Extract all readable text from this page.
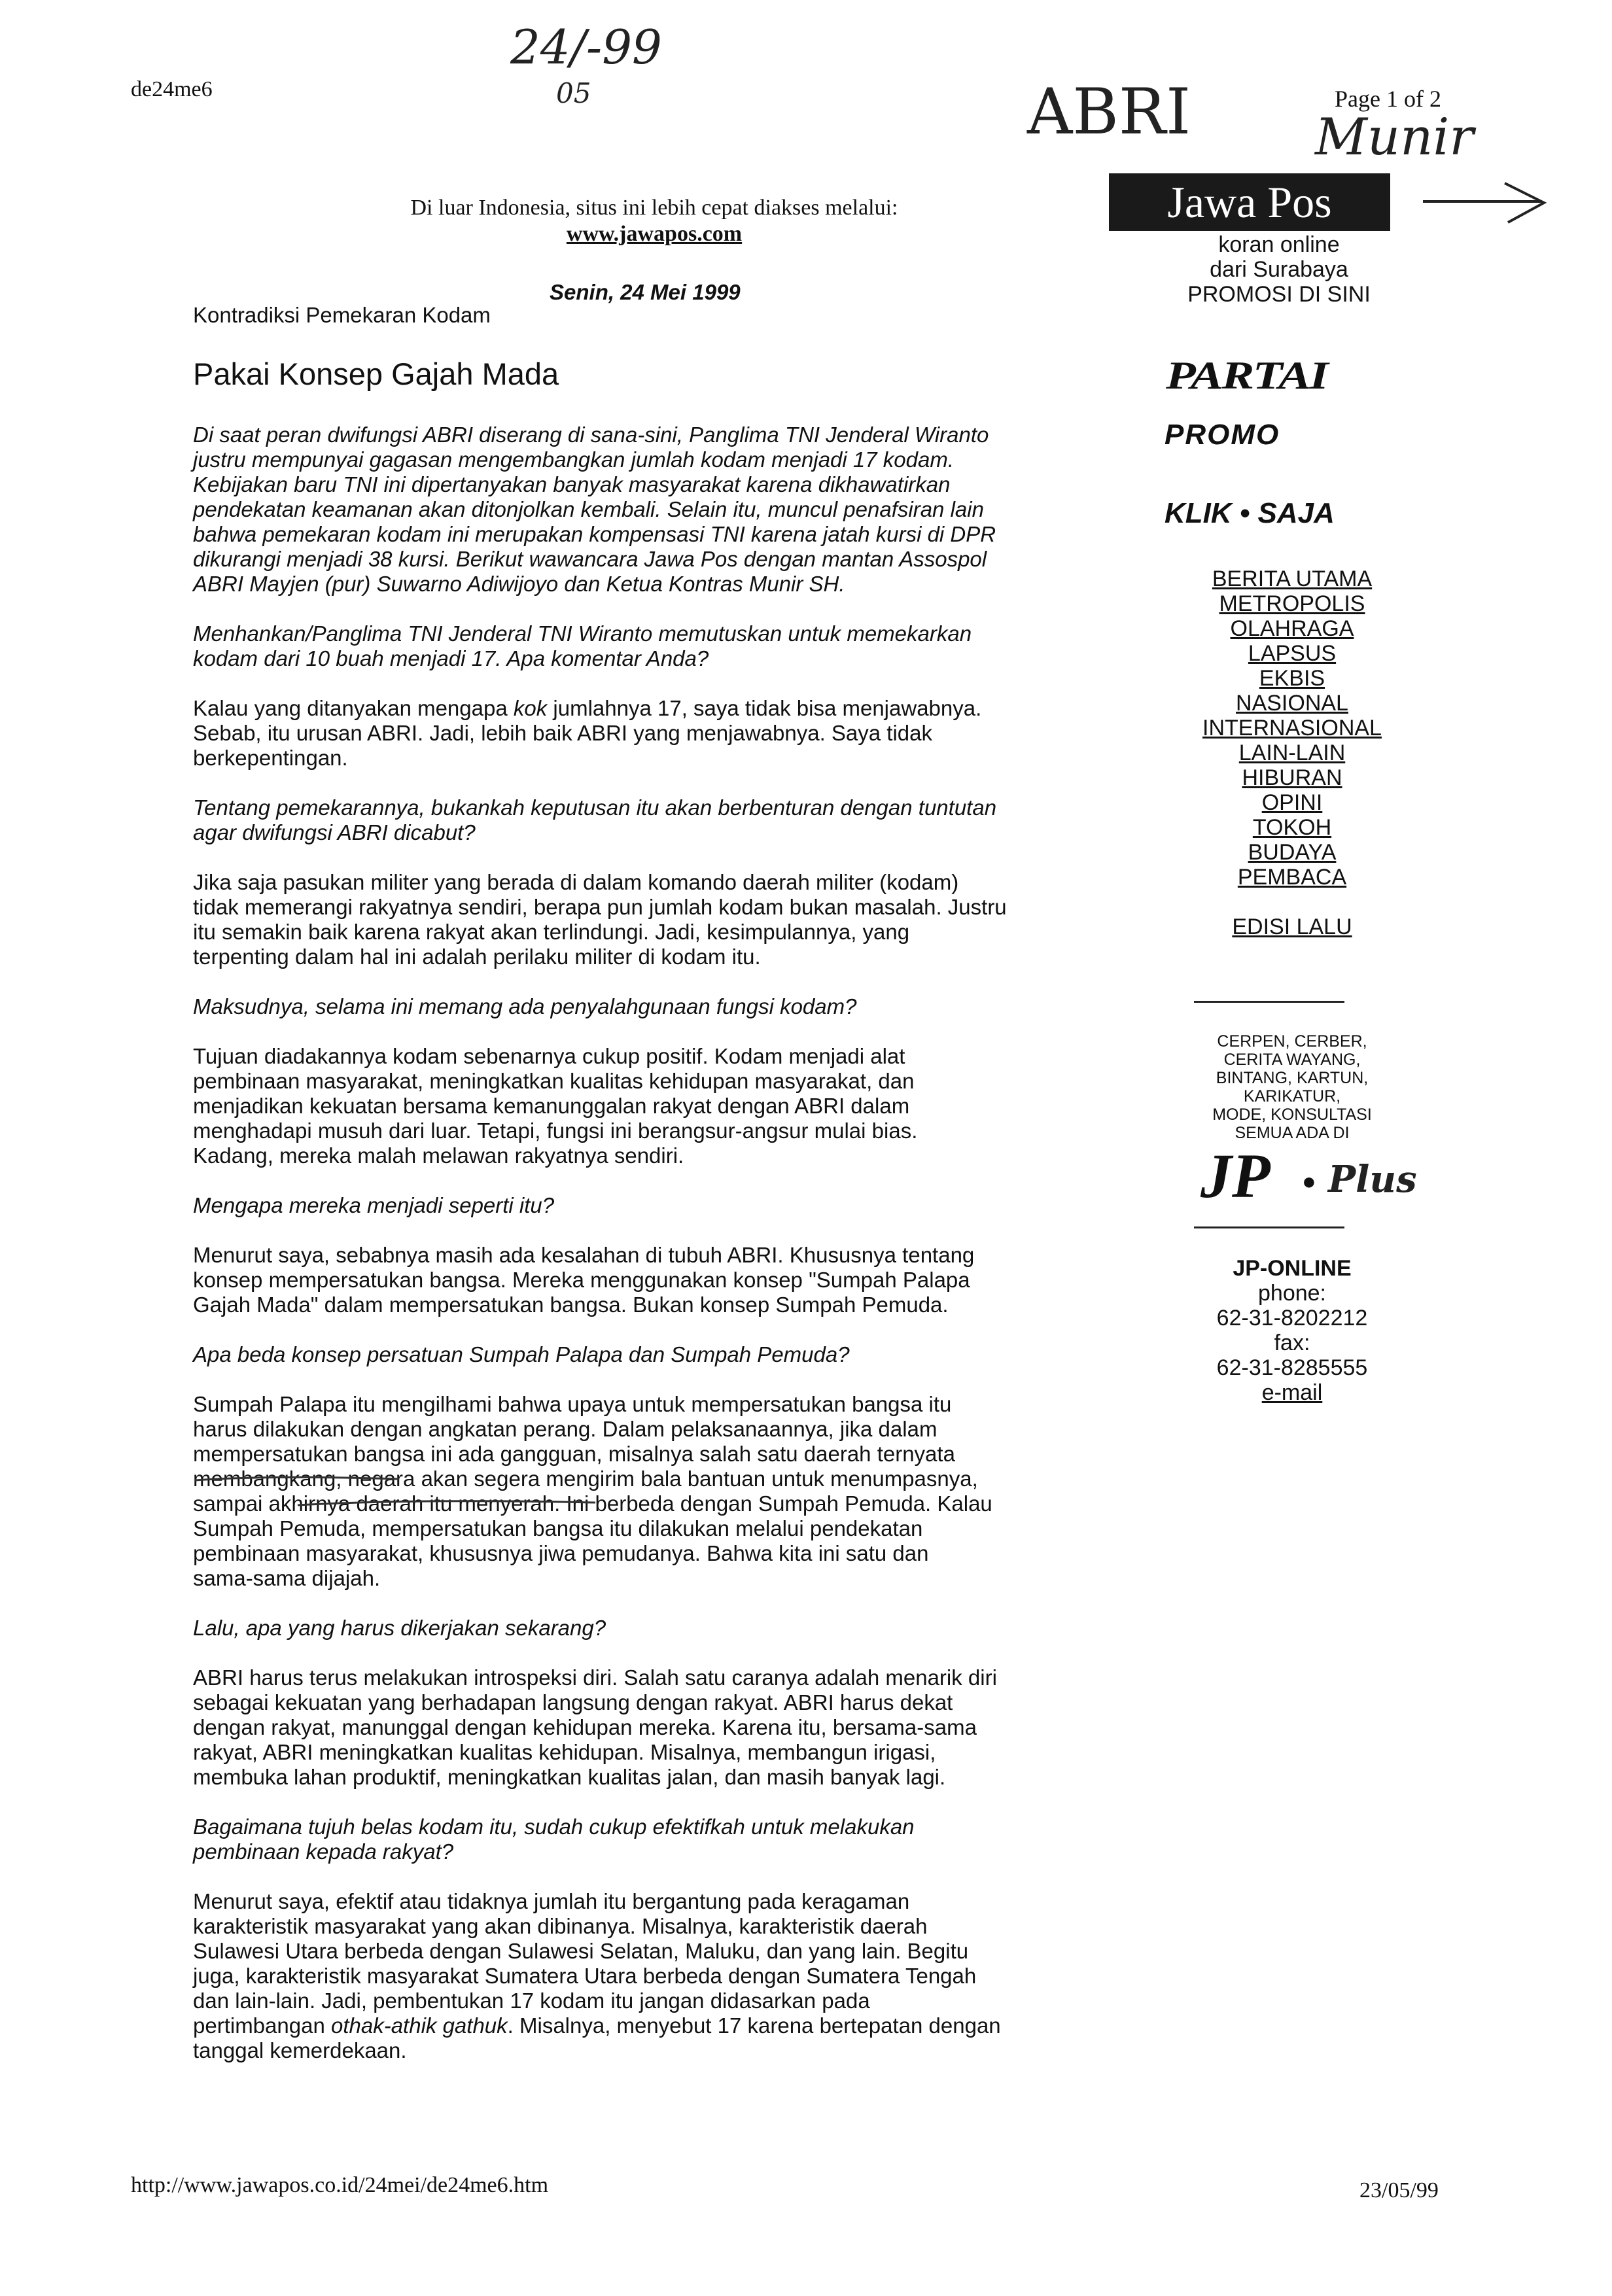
de24me6
24/-99
05	ABRI Munir
Page 1 of 2
Di luar Indonesia, situs ini lebih cepat diakses melalui:
www.jawapos.com
Senin, 24 Mei 1999
Kontradiksi Pemekaran Kodam
Pakai Konsep Gajah Mada

Di saat peran dwifungsi ABRI diserang di sana-sini, Panglima TNI Jenderal Wiranto
justru mempunyai gagasan mengembangkan jumlah kodam menjadi 17 kodam.
Kebijakan baru TNI ini dipertanyakan banyak masyarakat karena dikhawatirkan
pendekatan keamanan akan ditonjolkan kembali. Selain itu, muncul penafsiran lain
bahwa pemekaran kodam ini merupakan kompensasi TNI karena jatah kursi di DPR
dikurangi menjadi 38 kursi. Berikut wawancara Jawa Pos dengan mantan Assospol
ABRI Mayjen (pur) Suwarno Adiwijoyo dan Ketua Kontras Munir SH.

Menhankan/Panglima TNI Jenderal TNI Wiranto memutuskan untuk memekarkan
kodam dari 10 buah menjadi 17. Apa komentar Anda?

Kalau yang ditanyakan mengapa kok jumlahnya 17, saya tidak bisa menjawabnya.
Sebab, itu urusan ABRI. Jadi, lebih baik ABRI yang menjawabnya. Saya tidak
berkepentingan.

Tentang pemekarannya, bukankah keputusan itu akan berbenturan dengan tuntutan
agar dwifungsi ABRI dicabut?

Jika saja pasukan militer yang berada di dalam komando daerah militer (kodam)
tidak memerangi rakyatnya sendiri, berapa pun jumlah kodam bukan masalah. Justru
itu semakin baik karena rakyat akan terlindungi. Jadi, kesimpulannya, yang
terpenting dalam hal ini adalah perilaku militer di kodam itu.

Maksudnya, selama ini memang ada penyalahgunaan fungsi kodam?

Tujuan diadakannya kodam sebenarnya cukup positif. Kodam menjadi alat
pembinaan masyarakat, meningkatkan kualitas kehidupan masyarakat, dan
menjadikan kekuatan bersama kemanunggalan rakyat dengan ABRI dalam
menghadapi musuh dari luar. Tetapi, fungsi ini berangsur-angsur mulai bias.
Kadang, mereka malah melawan rakyatnya sendiri.

Mengapa mereka menjadi seperti itu?

Menurut saya, sebabnya masih ada kesalahan di tubuh ABRI. Khususnya tentang
konsep mempersatukan bangsa. Mereka menggunakan konsep "Sumpah Palapa
Gajah Mada" dalam mempersatukan bangsa. Bukan konsep Sumpah Pemuda.

Apa beda konsep persatuan Sumpah Palapa dan Sumpah Pemuda?

Sumpah Palapa itu mengilhami bahwa upaya untuk mempersatukan bangsa itu
harus dilakukan dengan angkatan perang. Dalam pelaksanaannya, jika dalam
mempersatukan bangsa ini ada gangguan, misalnya salah satu daerah ternyata
membangkang, negara akan segera mengirim bala bantuan untuk menumpasnya,
sampai akhirnya daerah itu menyerah. Ini berbeda dengan Sumpah Pemuda. Kalau
Sumpah Pemuda, mempersatukan bangsa itu dilakukan melalui pendekatan
pembinaan masyarakat, khususnya jiwa pemudanya. Bahwa kita ini satu dan
sama-sama dijajah.

Lalu, apa yang harus dikerjakan sekarang?

ABRI harus terus melakukan introspeksi diri. Salah satu caranya adalah menarik diri
sebagai kekuatan yang berhadapan langsung dengan rakyat. ABRI harus dekat
dengan rakyat, manunggal dengan kehidupan mereka. Karena itu, bersama-sama
rakyat, ABRI meningkatkan kualitas kehidupan. Misalnya, membangun irigasi,
membuka lahan produktif, meningkatkan kualitas jalan, dan masih banyak lagi.

Bagaimana tujuh belas kodam itu, sudah cukup efektifkah untuk melakukan
pembinaan kepada rakyat?

Menurut saya, efektif atau tidaknya jumlah itu bergantung pada keragaman
karakteristik masyarakat yang akan dibinanya. Misalnya, karakteristik daerah
Sulawesi Utara berbeda dengan Sulawesi Selatan, Maluku, dan yang lain. Begitu
juga, karakteristik masyarakat Sumatera Utara berbeda dengan Sumatera Tengah
dan lain-lain. Jadi, pembentukan 17 kodam itu jangan didasarkan pada
pertimbangan othak-athik gathuk. Misalnya, menyebut 17 karena bertepatan dengan
tanggal kemerdekaan.

Jawa Pos
koran online
dari Surabaya
PROMOSI DI SINI
PARTAI
PROMO
KLIK • SAJA
BERITA UTAMA
METROPOLIS
OLAHRAGA
LAPSUS
EKBIS
NASIONAL
INTERNASIONAL
LAIN-LAIN
HIBURAN
OPINI
TOKOH
BUDAYA
PEMBACA
EDISI LALU
CERPEN, CERBER,
CERITA WAYANG,
BINTANG, KARTUN,
KARIKATUR,
MODE, KONSULTASI
SEMUA ADA DI
JP ● Plus
JP-ONLINE
phone:
62-31-8202212
fax:
62-31-8285555
e-mail
http://www.jawapos.co.id/24mei/de24me6.htm	23/05/99
